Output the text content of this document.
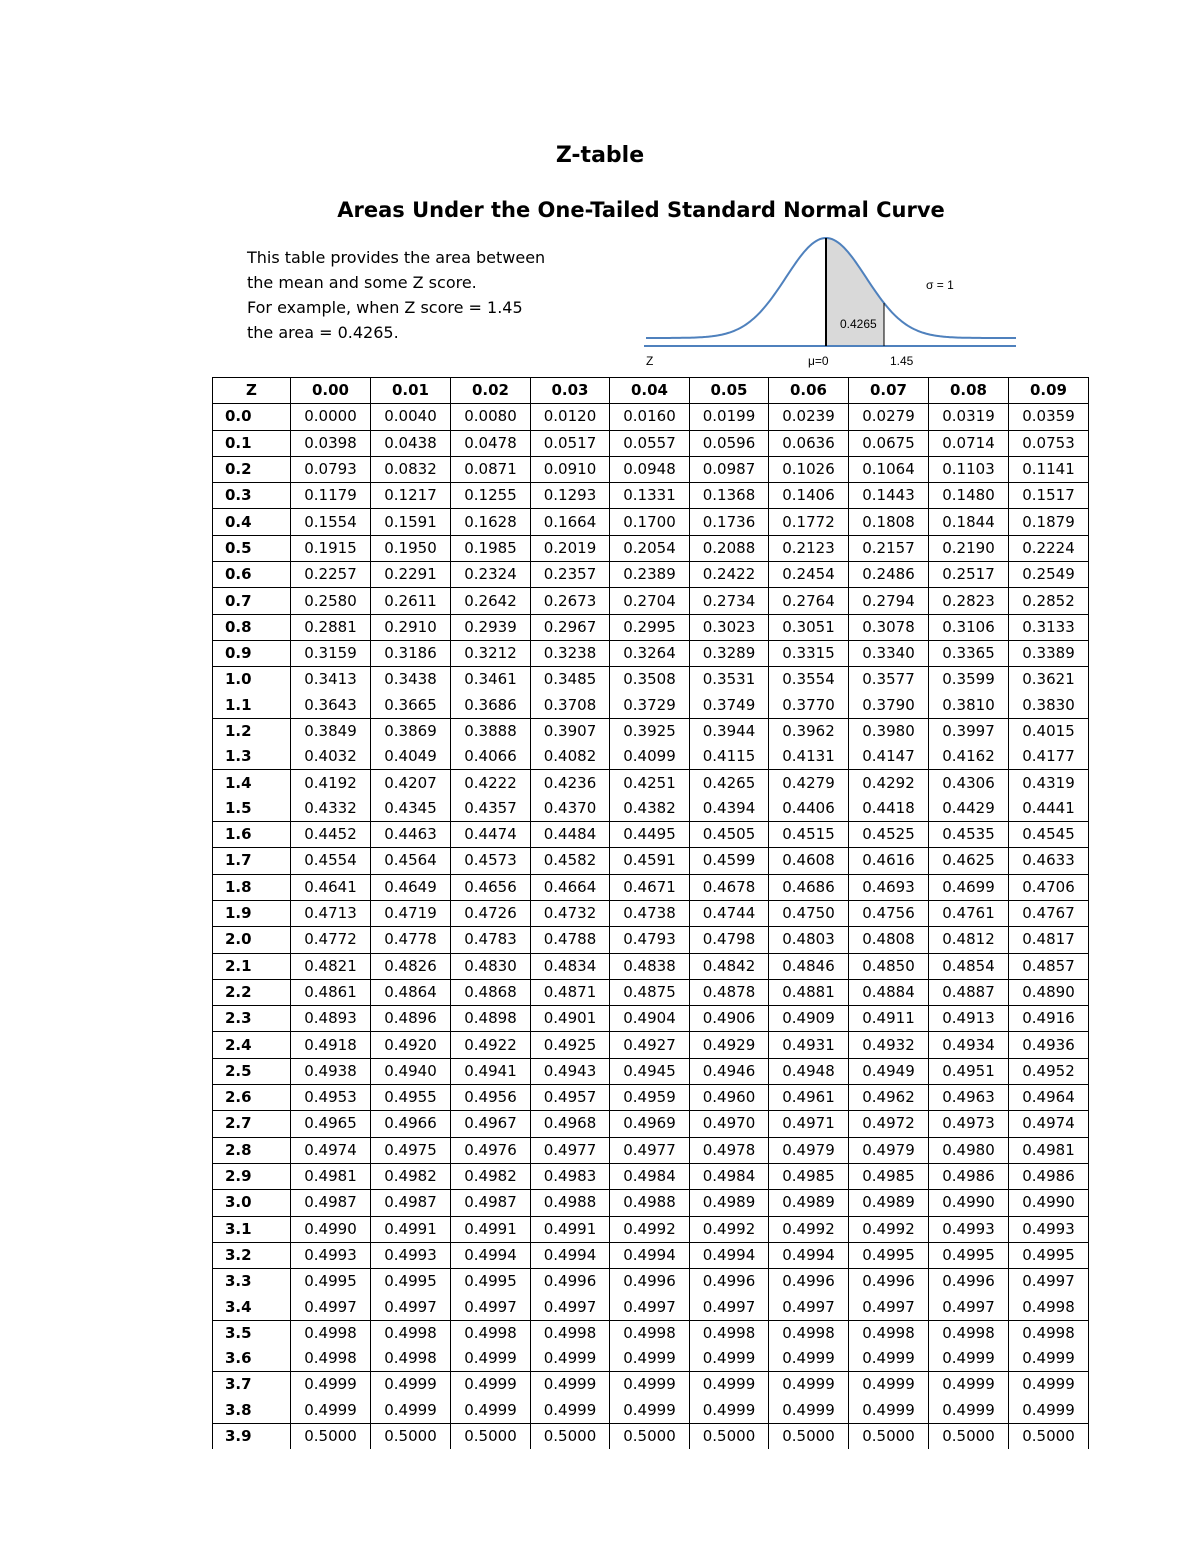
Z-table
Areas Under the One-Tailed Standard Normal Curve
This table provides the area between
the mean and some Z score.
For example, when Z score = 1.45
the area = 0.4265.	0.4265
σ = 1
Z	μ=0	1.45
Z	0.00	0.01	0.02	0.03	0.04	0.05	0.06	0.07	0.08	0.09
0.0	0.0000	0.0040	0.0080	0.0120	0.0160	0.0199	0.0239	0.0279	0.0319	0.0359
0.1	0.0398	0.0438	0.0478	0.0517	0.0557	0.0596	0.0636	0.0675	0.0714	0.0753
0.2	0.0793	0.0832	0.0871	0.0910	0.0948	0.0987	0.1026	0.1064	0.1103	0.1141
0.3	0.1179	0.1217	0.1255	0.1293	0.1331	0.1368	0.1406	0.1443	0.1480	0.1517
0.4	0.1554	0.1591	0.1628	0.1664	0.1700	0.1736	0.1772	0.1808	0.1844	0.1879
0.5	0.1915	0.1950	0.1985	0.2019	0.2054	0.2088	0.2123	0.2157	0.2190	0.2224
0.6	0.2257	0.2291	0.2324	0.2357	0.2389	0.2422	0.2454	0.2486	0.2517	0.2549
0.7	0.2580	0.2611	0.2642	0.2673	0.2704	0.2734	0.2764	0.2794	0.2823	0.2852
0.8	0.2881	0.2910	0.2939	0.2967	0.2995	0.3023	0.3051	0.3078	0.3106	0.3133
0.9	0.3159	0.3186	0.3212	0.3238	0.3264	0.3289	0.3315	0.3340	0.3365	0.3389
1.0	0.3413	0.3438	0.3461	0.3485	0.3508	0.3531	0.3554	0.3577	0.3599	0.3621
1.1	0.3643	0.3665	0.3686	0.3708	0.3729	0.3749	0.3770	0.3790	0.3810	0.3830
1.2	0.3849	0.3869	0.3888	0.3907	0.3925	0.3944	0.3962	0.3980	0.3997	0.4015
1.3	0.4032	0.4049	0.4066	0.4082	0.4099	0.4115	0.4131	0.4147	0.4162	0.4177
1.4	0.4192	0.4207	0.4222	0.4236	0.4251	0.4265	0.4279	0.4292	0.4306	0.4319
1.5	0.4332	0.4345	0.4357	0.4370	0.4382	0.4394	0.4406	0.4418	0.4429	0.4441
1.6	0.4452	0.4463	0.4474	0.4484	0.4495	0.4505	0.4515	0.4525	0.4535	0.4545
1.7	0.4554	0.4564	0.4573	0.4582	0.4591	0.4599	0.4608	0.4616	0.4625	0.4633
1.8	0.4641	0.4649	0.4656	0.4664	0.4671	0.4678	0.4686	0.4693	0.4699	0.4706
1.9	0.4713	0.4719	0.4726	0.4732	0.4738	0.4744	0.4750	0.4756	0.4761	0.4767
2.0	0.4772	0.4778	0.4783	0.4788	0.4793	0.4798	0.4803	0.4808	0.4812	0.4817
2.1	0.4821	0.4826	0.4830	0.4834	0.4838	0.4842	0.4846	0.4850	0.4854	0.4857
2.2	0.4861	0.4864	0.4868	0.4871	0.4875	0.4878	0.4881	0.4884	0.4887	0.4890
2.3	0.4893	0.4896	0.4898	0.4901	0.4904	0.4906	0.4909	0.4911	0.4913	0.4916
2.4	0.4918	0.4920	0.4922	0.4925	0.4927	0.4929	0.4931	0.4932	0.4934	0.4936
2.5	0.4938	0.4940	0.4941	0.4943	0.4945	0.4946	0.4948	0.4949	0.4951	0.4952
2.6	0.4953	0.4955	0.4956	0.4957	0.4959	0.4960	0.4961	0.4962	0.4963	0.4964
2.7	0.4965	0.4966	0.4967	0.4968	0.4969	0.4970	0.4971	0.4972	0.4973	0.4974
2.8	0.4974	0.4975	0.4976	0.4977	0.4977	0.4978	0.4979	0.4979	0.4980	0.4981
2.9	0.4981	0.4982	0.4982	0.4983	0.4984	0.4984	0.4985	0.4985	0.4986	0.4986
3.0	0.4987	0.4987	0.4987	0.4988	0.4988	0.4989	0.4989	0.4989	0.4990	0.4990
3.1	0.4990	0.4991	0.4991	0.4991	0.4992	0.4992	0.4992	0.4992	0.4993	0.4993
3.2	0.4993	0.4993	0.4994	0.4994	0.4994	0.4994	0.4994	0.4995	0.4995	0.4995
3.3	0.4995	0.4995	0.4995	0.4996	0.4996	0.4996	0.4996	0.4996	0.4996	0.4997
3.4	0.4997	0.4997	0.4997	0.4997	0.4997	0.4997	0.4997	0.4997	0.4997	0.4998
3.5	0.4998	0.4998	0.4998	0.4998	0.4998	0.4998	0.4998	0.4998	0.4998	0.4998
3.6	0.4998	0.4998	0.4999	0.4999	0.4999	0.4999	0.4999	0.4999	0.4999	0.4999
3.7	0.4999	0.4999	0.4999	0.4999	0.4999	0.4999	0.4999	0.4999	0.4999	0.4999
3.8	0.4999	0.4999	0.4999	0.4999	0.4999	0.4999	0.4999	0.4999	0.4999	0.4999
3.9	0.5000	0.5000	0.5000	0.5000	0.5000	0.5000	0.5000	0.5000	0.5000	0.5000
